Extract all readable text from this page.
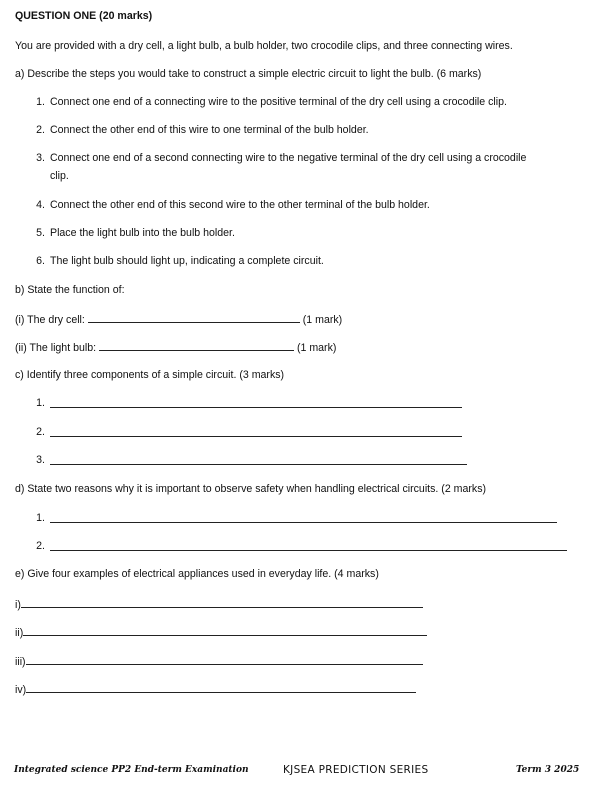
QUESTION ONE (20 marks)
You are provided with a dry cell, a light bulb, a bulb holder, two crocodile clips, and three connecting wires.
a) Describe the steps you would take to construct a simple electric circuit to light the bulb. (6 marks)
1. Connect one end of a connecting wire to the positive terminal of the dry cell using a crocodile clip.
2. Connect the other end of this wire to one terminal of the bulb holder.
3. Connect one end of a second connecting wire to the negative terminal of the dry cell using a crocodile
clip.
4. Connect the other end of this second wire to the other terminal of the bulb holder.
5. Place the light bulb into the bulb holder.
6. The light bulb should light up, indicating a complete circuit.
b) State the function of:
(i) The dry cell:	(1 mark)
(ii) The light bulb:	(1 mark)
c) Identify three components of a simple circuit. (3 marks)
1.
2.
3.
d) State two reasons why it is important to observe safety when handling electrical circuits. (2 marks)
1.
2.
e) Give four examples of electrical appliances used in everyday life. (4 marks)
i)
ii)
iii)
iv)
Integrated science PP2 End-term Examination	KJSEA PREDICTION SERIES	Term 3 2025
